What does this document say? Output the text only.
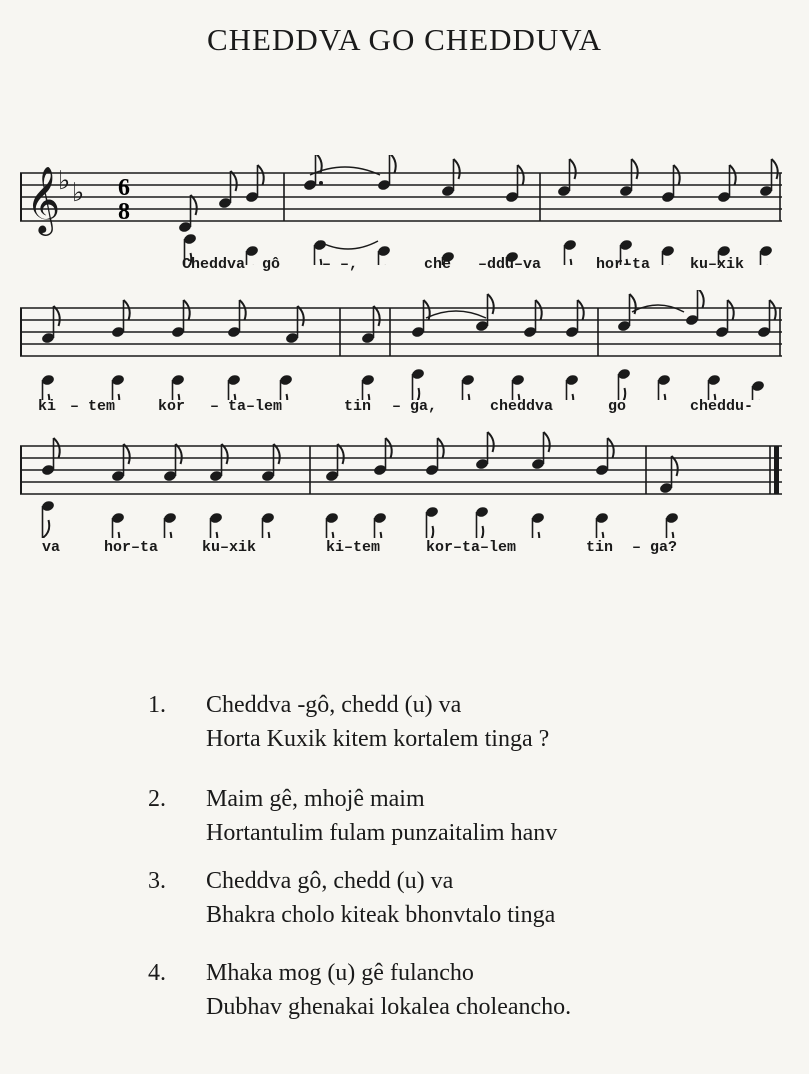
CHEDDVA GO CHEDDUVA
𝄞
♭ ♭ 6
8
Cheddva gô	– –,	che –ddu–va	hor–ta	ku–xik
ki – tem	kor – ta–lem	tin – ga,	cheddva	go	cheddu-
va	hor–ta	ku–xik	ki–tem	kor–ta–lem	tin – ga?
1.	Cheddva -gô, chedd (u) va
Horta Kuxik kitem kortalem tinga ?
2.	Maim gê, mhojê maim
Hortantulim fulam punzaitalim hanv
3.	Cheddva gô, chedd (u) va
Bhakra cholo kiteak bhonvtalo tinga
4.	Mhaka mog (u) gê fulancho
Dubhav ghenakai lokalea choleancho.
